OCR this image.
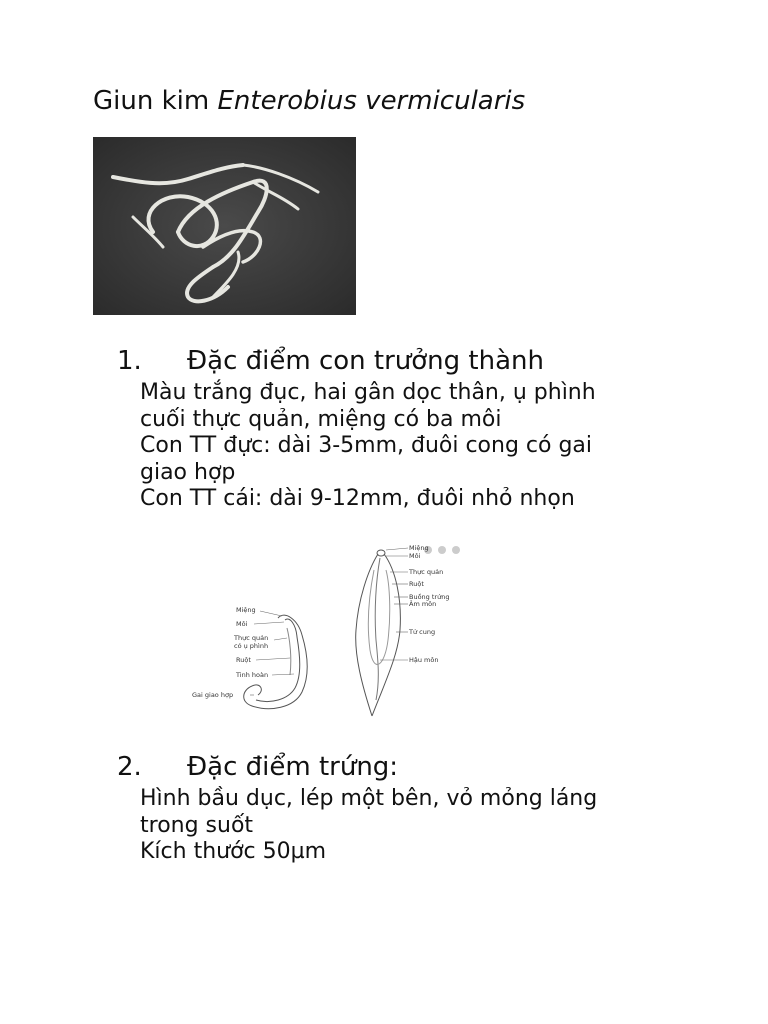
Giun kim Enterobius vermicularis
1. Đặc điểm con trưởng thành
Màu trắng đục, hai gân dọc thân, ụ phình
cuối thực quản, miệng có ba môi
Con TT đực: dài 3-5mm, đuôi cong có gai
giao hợp
Con TT cái: dài 9-12mm, đuôi nhỏ nhọn
Miệng
Môi
Thực quản
có ụ phình
Ruột
Tinh hoàn
Gai giao hợp
Miệng
Môi
Thực quản
Ruột
Buồng trứng
Âm môn
Tử cung
Hậu môn
2. Đặc điểm trứng:
Hình bầu dục, lép một bên, vỏ mỏng láng
trong suốt
Kích thước 50µm
